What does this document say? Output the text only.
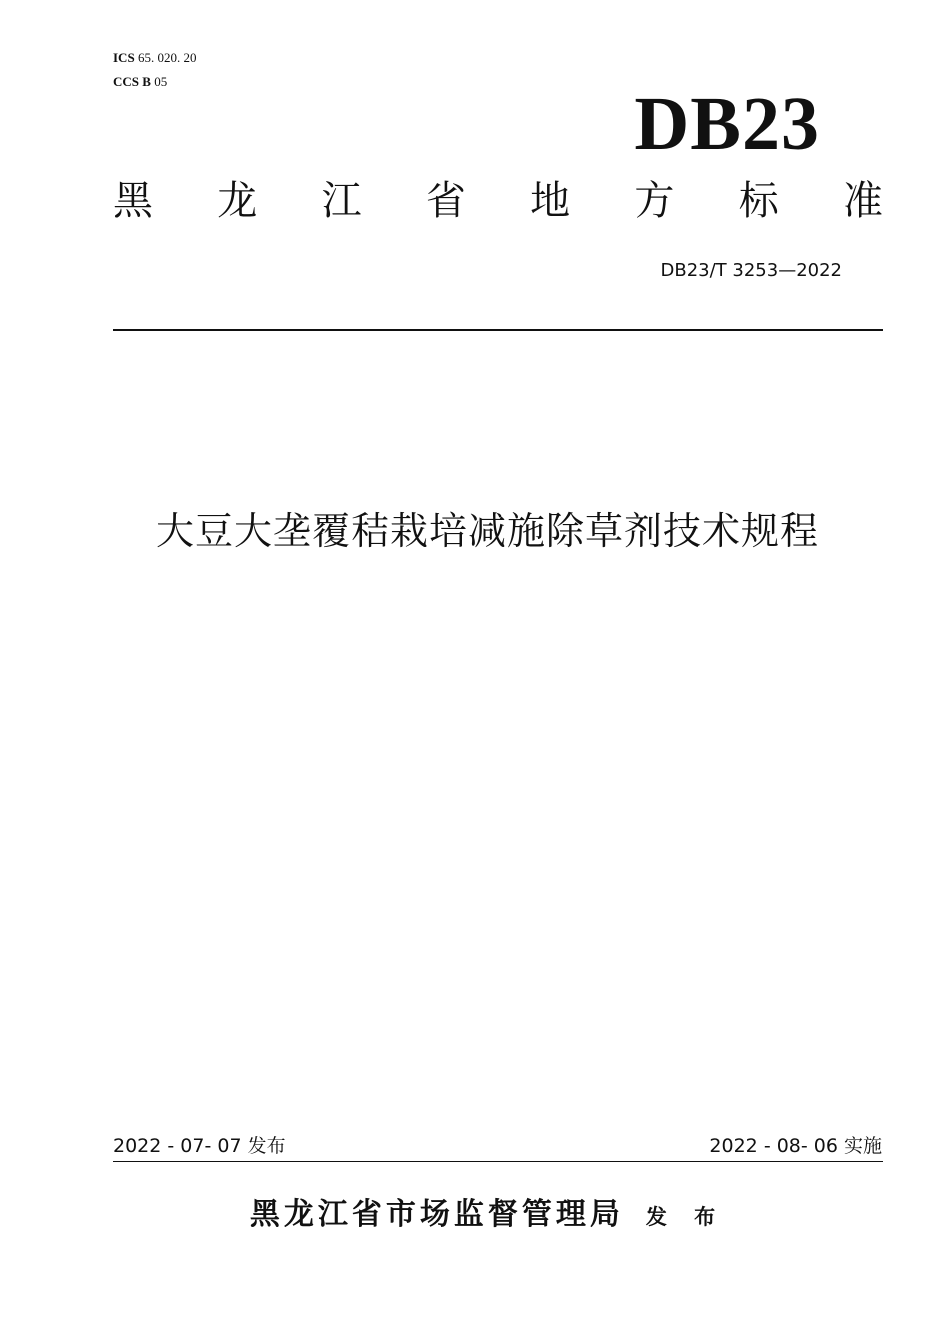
ICS 65. 020. 20
CCS B 05
DB23
黑 龙 江 省 地 方 标 准
DB23/T 3253—2022
大豆大垄覆秸栽培减施除草剂技术规程
2022 - 07- 07 发布	2022 - 08- 06 实施
黑龙江省市场监督管理局 发 布
